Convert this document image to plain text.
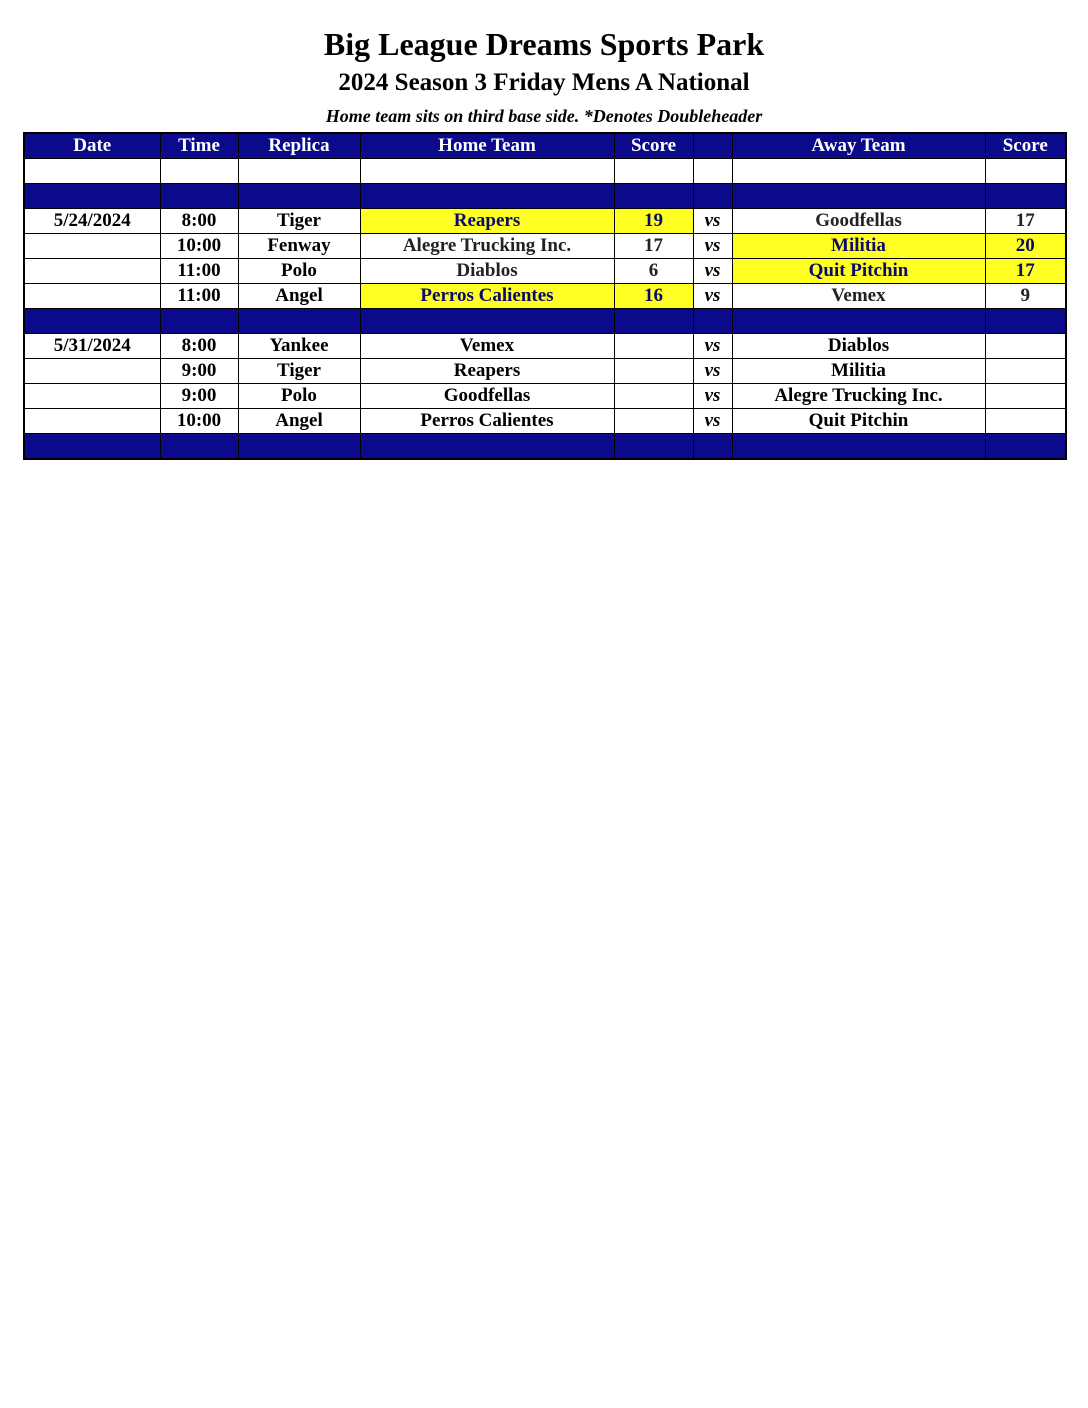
Big League Dreams Sports Park
2024 Season 3 Friday Mens A National
Home team sits on third base side. *Denotes Doubleheader
Date	Time	Replica	Home Team	Score		Away Team	Score

5/24/2024	8:00	Tiger	Reapers	19	vs	Goodfellas	17
	10:00	Fenway	Alegre Trucking Inc.	17	vs	Militia	20
	11:00	Polo	Diablos	6	vs	Quit Pitchin	17
	11:00	Angel	Perros Calientes	16	vs	Vemex	9

5/31/2024	8:00	Yankee	Vemex		vs	Diablos	
	9:00	Tiger	Reapers		vs	Militia	
	9:00	Polo	Goodfellas		vs	Alegre Trucking Inc.	
	10:00	Angel	Perros Calientes		vs	Quit Pitchin	
